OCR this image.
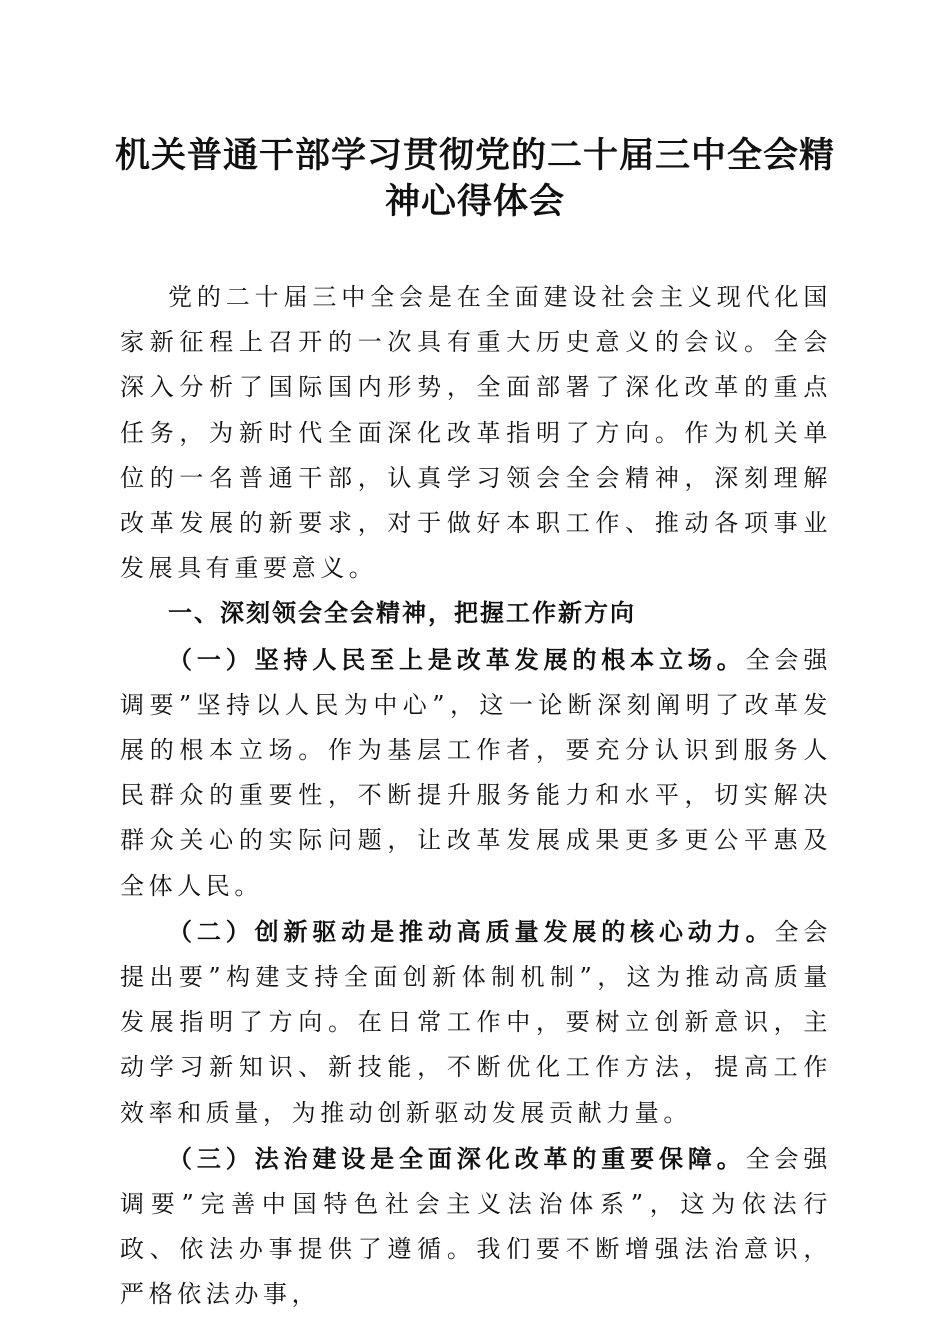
机关普通干部学习贯彻党的二十届三中全会精神心得体会

党的二十届三中全会是在全面建设社会主义现代化国家新征程上召开的一次具有重大历史意义的会议。全会深入分析了国际国内形势，全面部署了深化改革的重点任务，为新时代全面深化改革指明了方向。作为机关单位的一名普通干部，认真学习领会全会精神，深刻理解改革发展的新要求，对于做好本职工作、推动各项事业发展具有重要意义。

一、深刻领会全会精神，把握工作新方向

（一）坚持人民至上是改革发展的根本立场。全会强调要”坚持以人民为中心”，这一论断深刻阐明了改革发展的根本立场。作为基层工作者，要充分认识到服务人民群众的重要性，不断提升服务能力和水平，切实解决群众关心的实际问题，让改革发展成果更多更公平惠及全体人民。

（二）创新驱动是推动高质量发展的核心动力。全会提出要”构建支持全面创新体制机制”，这为推动高质量发展指明了方向。在日常工作中，要树立创新意识，主动学习新知识、新技能，不断优化工作方法，提高工作效率和质量，为推动创新驱动发展贡献力量。

（三）法治建设是全面深化改革的重要保障。全会强调要”完善中国特色社会主义法治体系”，这为依法行政、依法办事提供了遵循。我们要不断增强法治意识，严格依法办事，
